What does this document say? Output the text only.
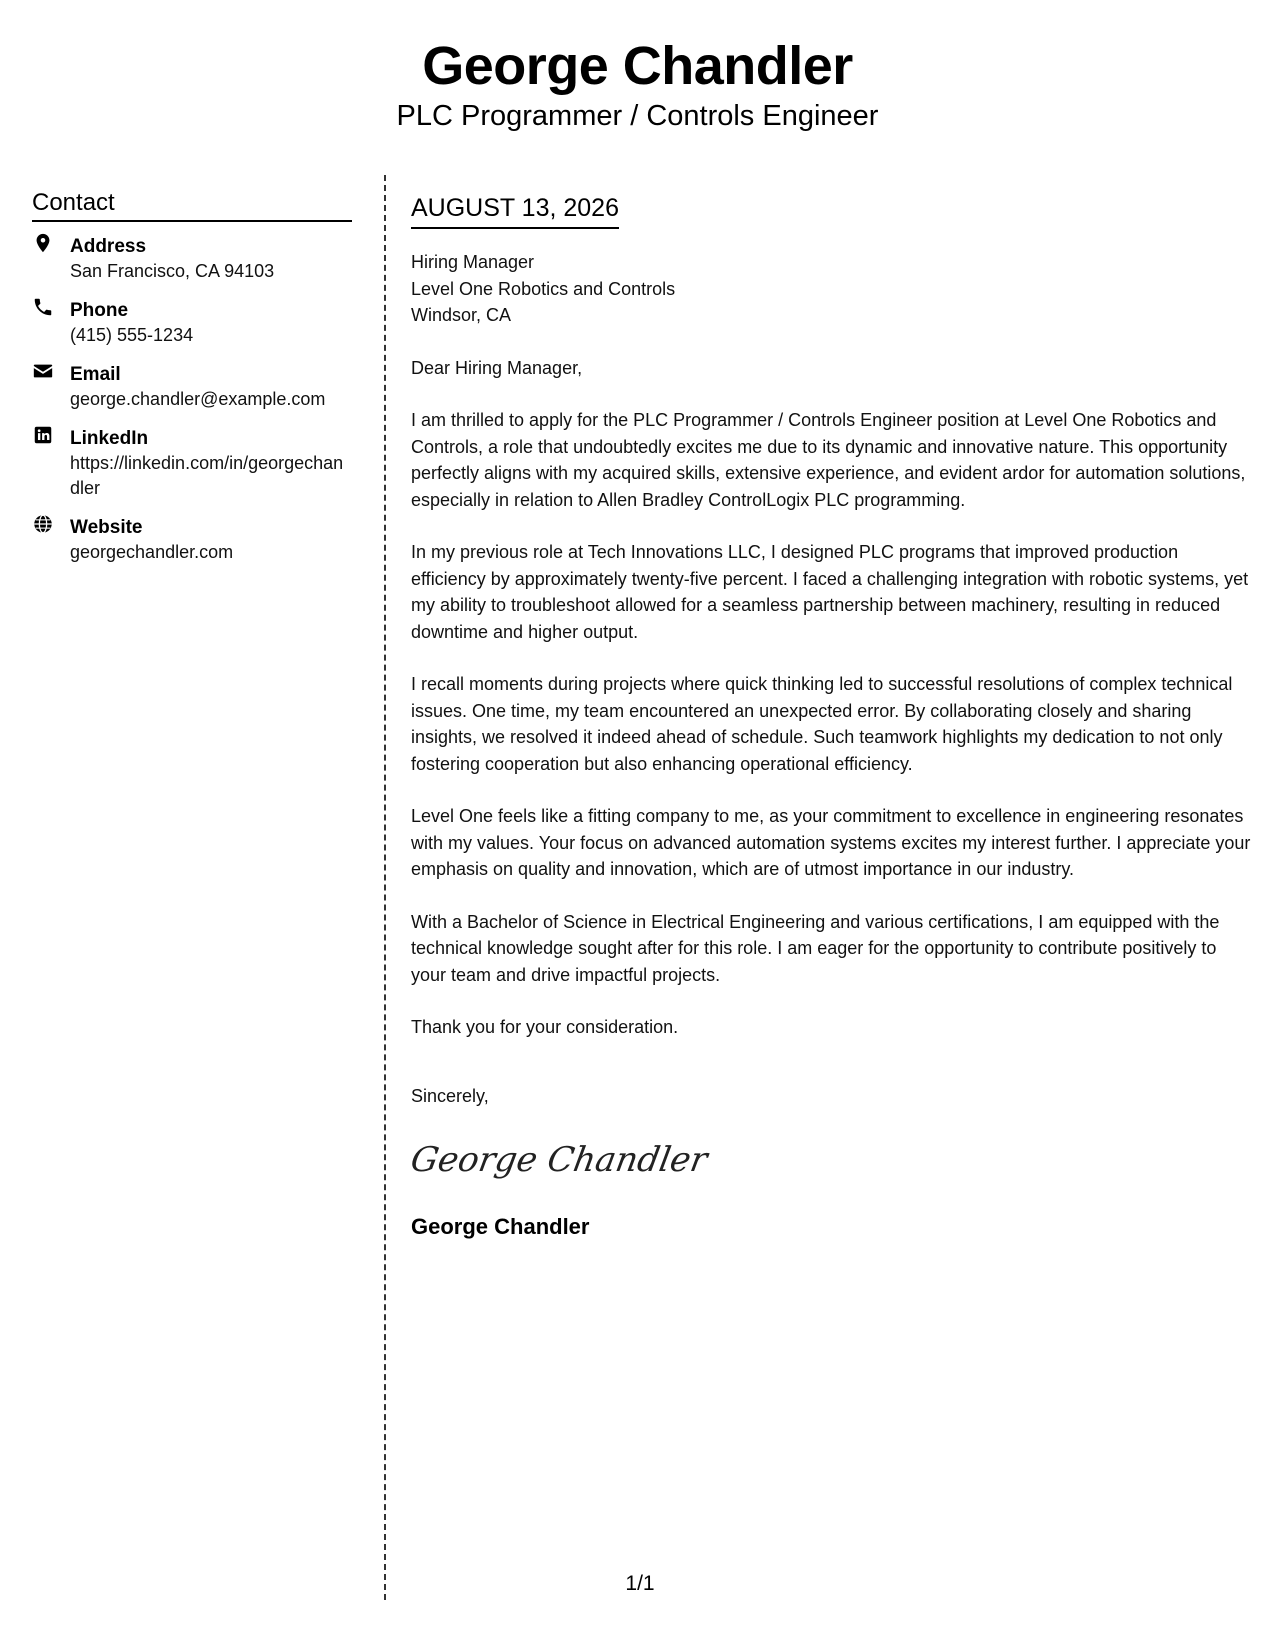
George Chandler
PLC Programmer / Controls Engineer
Contact
Address
San Francisco, CA 94103
Phone
(415) 555-1234
Email
george.chandler@example.com
LinkedIn
https://linkedin.com/in/georgechandler
Website
georgechandler.com
AUGUST 13, 2026
Hiring Manager
Level One Robotics and Controls
Windsor, CA
Dear Hiring Manager,

I am thrilled to apply for the PLC Programmer / Controls Engineer position at Level One Robotics and Controls, a role that undoubtedly excites me due to its dynamic and innovative nature. This opportunity perfectly aligns with my acquired skills, extensive experience, and evident ardor for automation solutions, especially in relation to Allen Bradley ControlLogix PLC programming.

In my previous role at Tech Innovations LLC, I designed PLC programs that improved production efficiency by approximately twenty-five percent. I faced a challenging integration with robotic systems, yet my ability to troubleshoot allowed for a seamless partnership between machinery, resulting in reduced downtime and higher output.

I recall moments during projects where quick thinking led to successful resolutions of complex technical issues. One time, my team encountered an unexpected error. By collaborating closely and sharing insights, we resolved it indeed ahead of schedule. Such teamwork highlights my dedication to not only fostering cooperation but also enhancing operational efficiency.

Level One feels like a fitting company to me, as your commitment to excellence in engineering resonates with my values. Your focus on advanced automation systems excites my interest further. I appreciate your emphasis on quality and innovation, which are of utmost importance in our industry.

With a Bachelor of Science in Electrical Engineering and various certifications, I am equipped with the technical knowledge sought after for this role. I am eager for the opportunity to contribute positively to your team and drive impactful projects.

Thank you for your consideration.

Sincerely,
George Chandler
George Chandler
1/1
